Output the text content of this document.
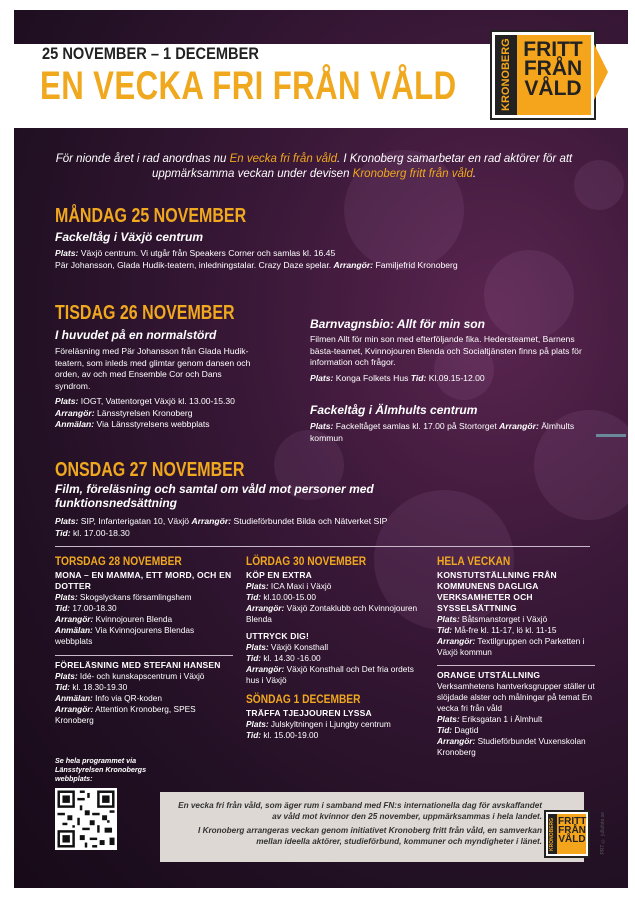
25 NOVEMBER – 1 DECEMBER
EN VECKA FRI FRÅN VÅLD	KRONOBERG FRITT
FRÅN
VÅLD
För nionde året i rad anordnas nu En vecka fri från våld. I Kronoberg samarbetar en rad aktörer för att uppmärksamma veckan under devisen Kronoberg fritt från våld.
MÅNDAG 25 NOVEMBER
Fackeltåg i Växjö centrum
Plats: Växjö centrum. Vi utgår från Speakers Corner och samlas kl. 16.45
Pär Johansson, Glada Hudik-teatern, inledningstalar. Crazy Daze spelar. Arrangör: Familjefrid Kronoberg
TISDAG 26 NOVEMBER
I huvudet på en normalstörd
Föreläsning med Pär Johansson från Glada Hudik-teatern, som inleds med glimtar genom dansen och orden, av och med Ensemble Cor och Dans syndrom.

Plats: IOGT, Vattentorget Växjö kl. 13.00-15.30
Arrangör: Länsstyrelsen Kronoberg
Anmälan: Via Länsstyrelsens webbplats
Barnvagnsbio: Allt för min son
Filmen Allt för min son med efterföljande fika. Hedersteamet, Barnens bästa-teamet, Kvinnojouren Blenda och Socialtjänsten finns på plats för information och frågor.

Plats: Konga Folkets Hus Tid: Kl.09.15-12.00
Fackeltåg i Älmhults centrum
Plats: Fackeltåget samlas kl. 17.00 på Stortorget Arrangör: Älmhults kommun
ONSDAG 27 NOVEMBER
Film, föreläsning och samtal om våld mot personer med funktionsnedsättning
Plats: SIP, Infanterigatan 10, Växjö Arrangör: Studieförbundet Bilda och Nätverket SIP
Tid: kl. 17.00-18.30
TORSDAG 28 NOVEMBER
MONA – EN MAMMA, ETT MORD, OCH EN DOTTER
Plats: Skogslyckans församlingshem
Tid: 17.00-18.30
Arrangör: Kvinnojouren Blenda
Anmälan: Via Kvinnojourens Blendas webbplats
FÖRELÄSNING MED STEFANI HANSEN
Plats: Idé- och kunskapscentrum i Växjö
Tid: kl. 18.30-19.30
Anmälan: Info via QR-koden
Arrangör: Attention Kronoberg, SPES Kronoberg
LÖRDAG 30 NOVEMBER
KÖP EN EXTRA
Plats: ICA Maxi i Växjö
Tid: kl.10.00-15.00
Arrangör: Växjö Zontaklubb och Kvinnojouren Blenda
UTTRYCK DIG!
Plats: Växjö Konsthall
Tid: kl. 14.30 -16.00
Arrangör: Växjö Konsthall och Det fria ordets hus i Växjö
SÖNDAG 1 DECEMBER
TRÄFFA TJEJJOUREN LYSSA
Plats: Julskyltningen i Ljungby centrum
Tid: kl. 15.00-19.00
HELA VECKAN
KONSTUTSTÄLLNING FRÅN KOMMUNENS DAGLIGA VERKSAMHETER OCH SYSSELSÄTTNING
Plats: Båtsmanstorget i Växjö
Tid: Må-fre kl. 11-17, lö kl. 11-15
Arrangör: Textilgruppen och Parketten i Växjö kommun
ORANGE UTSTÄLLNING
Verksamhetens hantverksgrupper ställer ut slöjdade alster och målningar på temat En vecka fri från våld
Plats: Eriksgatan 1 i Älmhult
Tid: Dagtid
Arrangör: Studieförbundet Vuxenskolan Kronoberg
Se hela programmet via Länsstyrelsen Kronobergs webbplats:
En vecka fri från våld, som äger rum i samband med FN:s internationella dag för avskaffandet av våld mot kvinnor den 25 november, uppmärksammas i hela landet.
I Kronoberg arrangeras veckan genom initiativet Kronoberg fritt från våld, en samverkan mellan ideella aktörer, studieförbund, kommuner och myndigheter i länet. KRONOBERG FRITT
FRÅN
VÅLD	PRT © jullafoto.se
